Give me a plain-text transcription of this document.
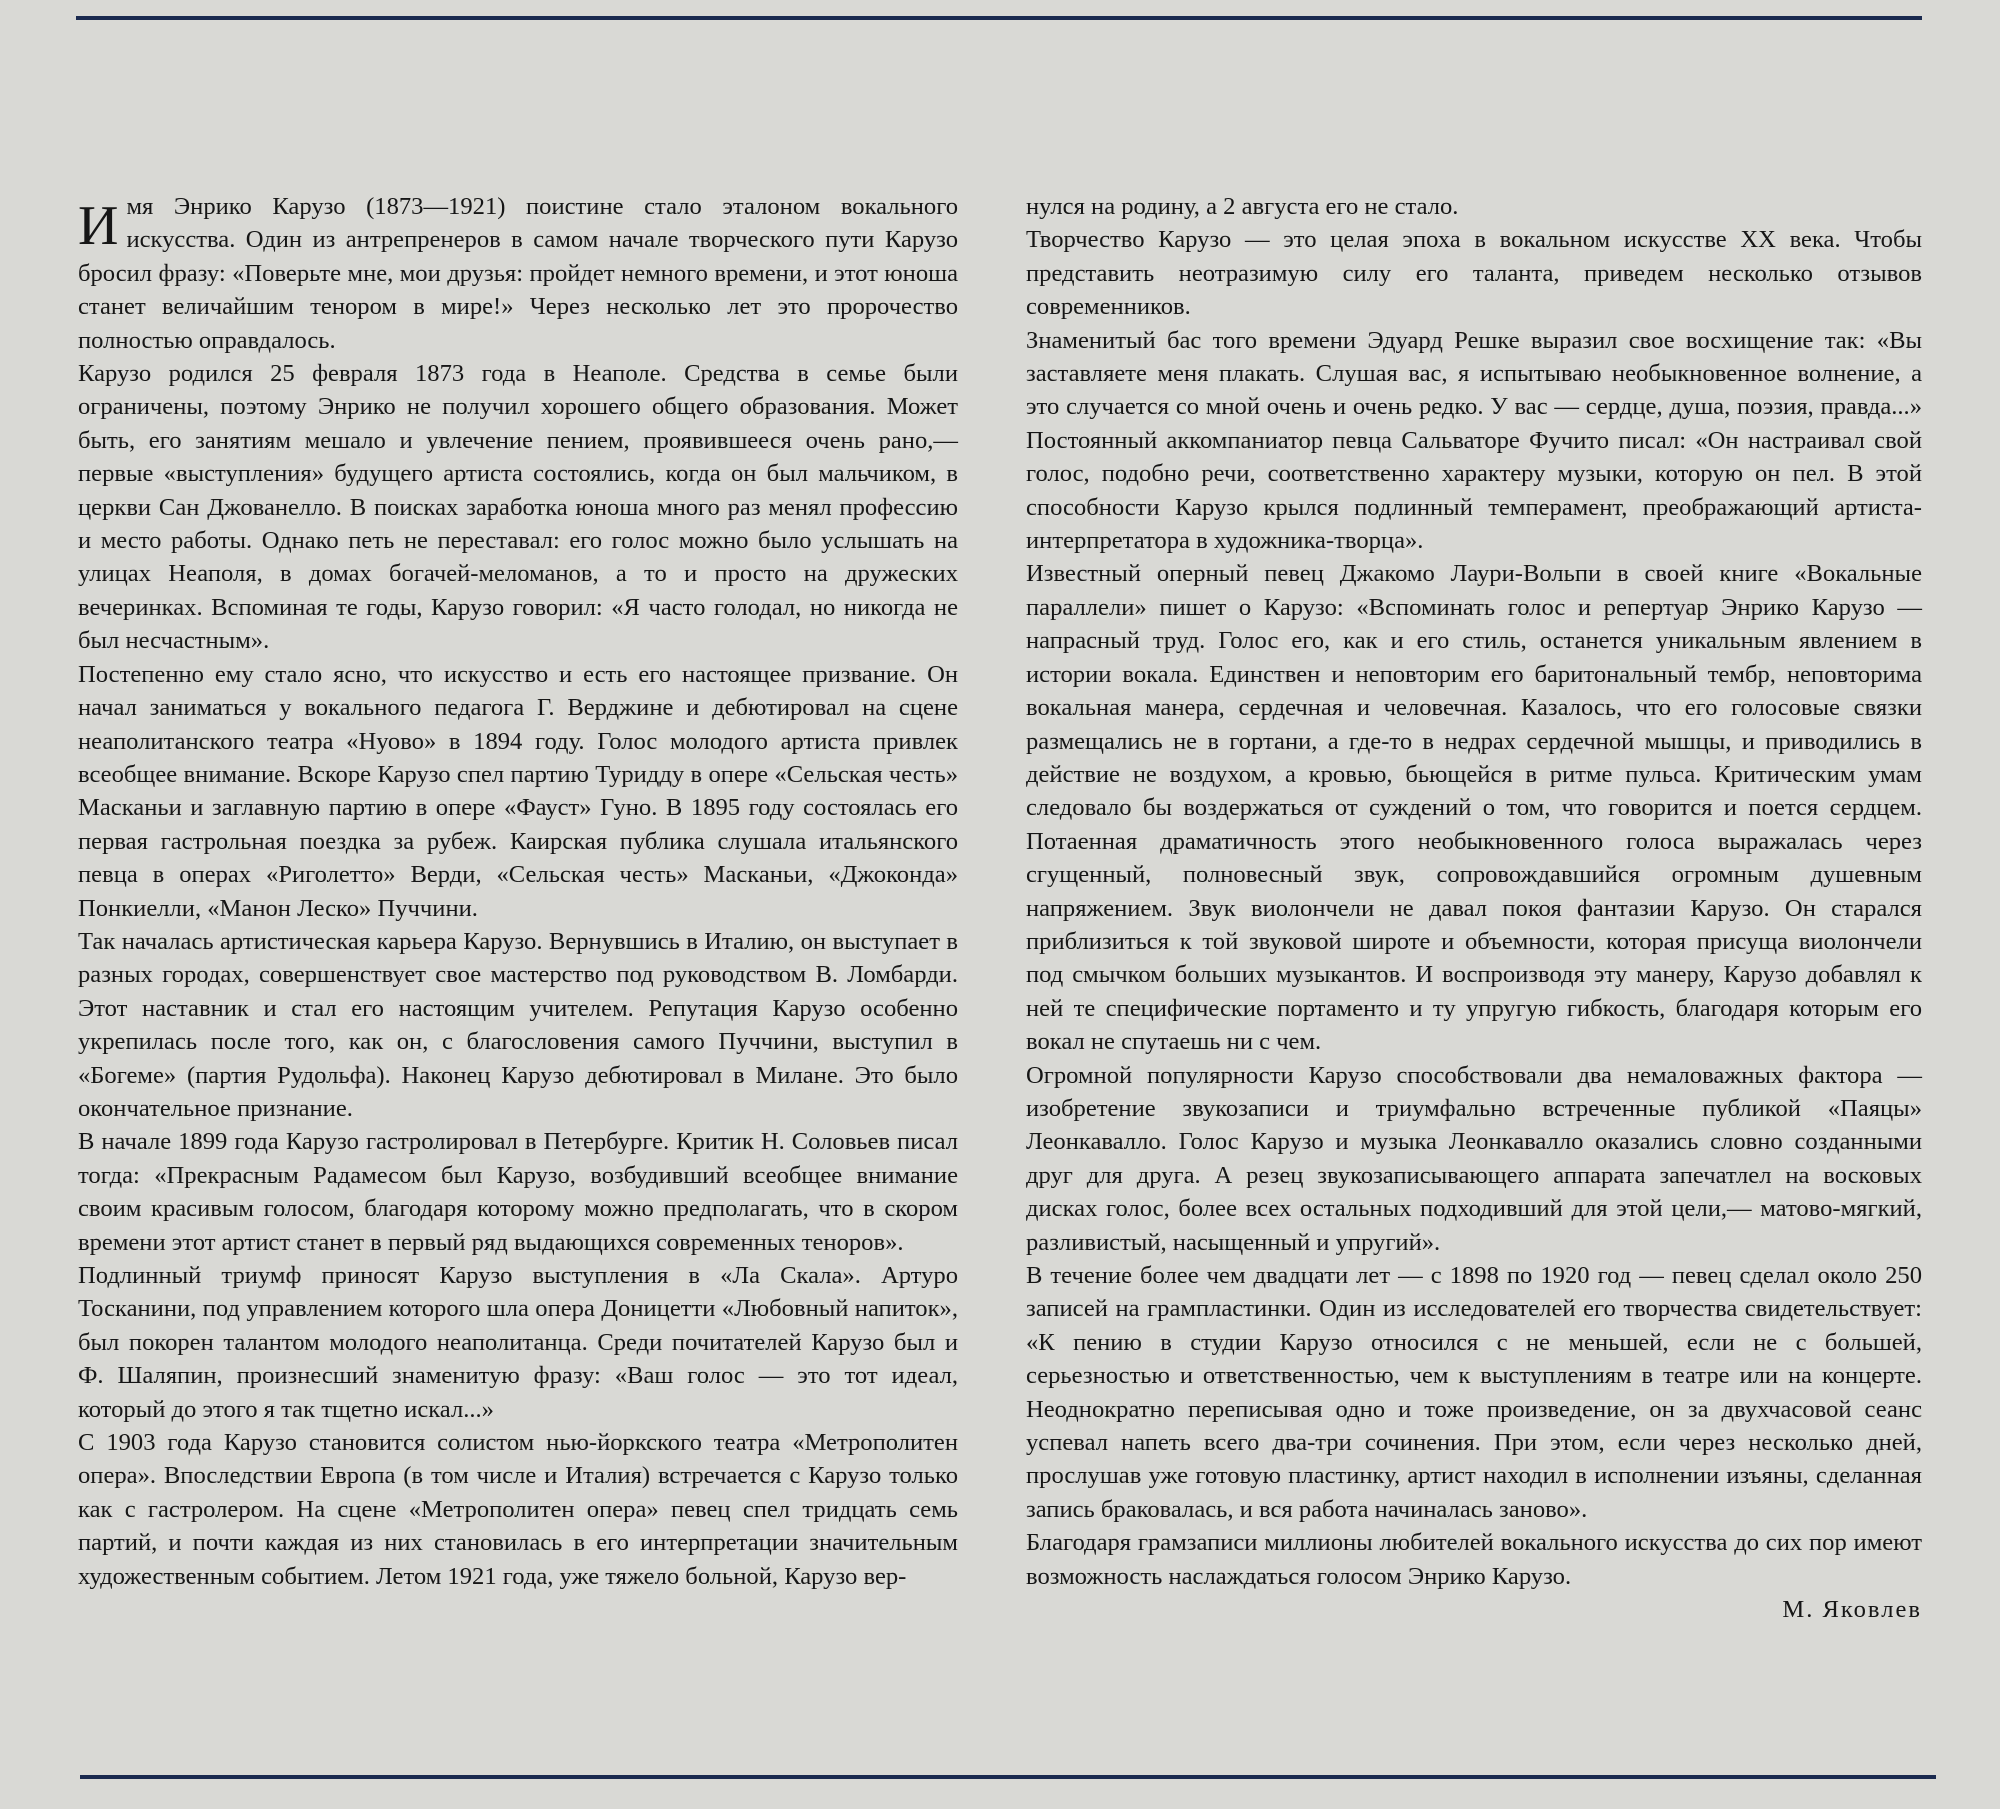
Имя Энрико Карузо (1873—1921) поистине стало эталоном вокального искусства. Один из антрепренеров в самом начале творческого пути Карузо бросил фразу: «Поверьте мне, мои друзья: пройдет немного времени, и этот юноша станет величайшим тенором в мире!» Через несколько лет это пророчество полностью оправдалось.

Карузо родился 25 февраля 1873 года в Неаполе. Средства в семье были ограничены, поэтому Энрико не получил хорошего общего образования. Может быть, его занятиям мешало и увлечение пением, проявившееся очень рано,— первые «выступления» будущего артиста состоялись, когда он был мальчиком, в церкви Сан Джованелло. В поисках заработка юноша много раз менял профессию и место работы. Однако петь не переставал: его голос можно было услышать на улицах Неаполя, в домах богачей-меломанов, а то и просто на дружеских вечеринках. Вспоминая те годы, Карузо говорил: «Я часто голодал, но никогда не был несчастным».

Постепенно ему стало ясно, что искусство и есть его настоящее призвание. Он начал заниматься у вокального педагога Г. Верджине и дебютировал на сцене неаполитанского театра «Нуово» в 1894 году. Голос молодого артиста привлек всеобщее внимание. Вскоре Карузо спел партию Туридду в опере «Сельская честь» Масканьи и заглавную партию в опере «Фауст» Гуно. В 1895 году состоялась его первая гастрольная поездка за рубеж. Каирская публика слушала итальянского певца в операх «Риголетто» Верди, «Сельская честь» Масканьи, «Джоконда» Понкиелли, «Манон Леско» Пуччини.

Так началась артистическая карьера Карузо. Вернувшись в Италию, он выступает в разных городах, совершенствует свое мастерство под руководством В. Ломбарди. Этот наставник и стал его настоящим учителем. Репутация Карузо особенно укрепилась после того, как он, с благословения самого Пуччини, выступил в «Богеме» (партия Рудольфа). Наконец Карузо дебютировал в Милане. Это было окончательное признание.

В начале 1899 года Карузо гастролировал в Петербурге. Критик Н. Соловьев писал тогда: «Прекрасным Радамесом был Карузо, возбудивший всеобщее внимание своим красивым голосом, благодаря которому можно предполагать, что в скором времени этот артист станет в первый ряд выдающихся современных теноров».

Подлинный триумф приносят Карузо выступления в «Ла Скала». Артуро Тосканини, под управлением которого шла опера Доницетти «Любовный напиток», был покорен талантом молодого неаполитанца. Среди почитателей Карузо был и Ф. Шаляпин, произнесший знаменитую фразу: «Ваш голос — это тот идеал, который до этого я так тщетно искал...»

С 1903 года Карузо становится солистом нью-йоркского театра «Метрополитен опера». Впоследствии Европа (в том числе и Италия) встречается с Карузо только как с гастролером. На сцене «Метрополитен опера» певец спел тридцать семь партий, и почти каждая из них становилась в его интерпретации значительным художественным событием. Летом 1921 года, уже тяжело больной, Карузо вер-

нулся на родину, а 2 августа его не стало.

Творчество Карузо — это целая эпоха в вокальном искусстве XX века. Чтобы представить неотразимую силу его таланта, приведем несколько отзывов современников.

Знаменитый бас того времени Эдуард Решке выразил свое восхищение так: «Вы заставляете меня плакать. Слушая вас, я испытываю необыкновенное волнение, а это случается со мной очень и очень редко. У вас — сердце, душа, поэзия, правда...» Постоянный аккомпаниатор певца Сальваторе Фучито писал: «Он настраивал свой голос, подобно речи, соответственно характеру музыки, которую он пел. В этой способности Карузо крылся подлинный темперамент, преображающий артиста-интерпретатора в художника-творца».

Известный оперный певец Джакомо Лаури-Вольпи в своей книге «Вокальные параллели» пишет о Карузо: «Вспоминать голос и репертуар Энрико Карузо — напрасный труд. Голос его, как и его стиль, останется уникальным явлением в истории вокала. Единствен и неповторим его баритональный тембр, неповторима вокальная манера, сердечная и человечная. Казалось, что его голосовые связки размещались не в гортани, а где-то в недрах сердечной мышцы, и приводились в действие не воздухом, а кровью, бьющейся в ритме пульса. Критическим умам следовало бы воздержаться от суждений о том, что говорится и поется сердцем. Потаенная драматичность этого необыкновенного голоса выражалась через сгущенный, полновесный звук, сопровождавшийся огромным душевным напряжением. Звук виолончели не давал покоя фантазии Карузо. Он старался приблизиться к той звуковой широте и объемности, которая присуща виолончели под смычком больших музыкантов. И воспроизводя эту манеру, Карузо добавлял к ней те специфические портаменто и ту упругую гибкость, благодаря которым его вокал не спутаешь ни с чем.

Огромной популярности Карузо способствовали два немаловажных фактора — изобретение звукозаписи и триумфально встреченные публикой «Паяцы» Леонкавалло. Голос Карузо и музыка Леонкавалло оказались словно созданными друг для друга. А резец звукозаписывающего аппарата запечатлел на восковых дисках голос, более всех остальных подходивший для этой цели,— матово-мягкий, разливистый, насыщенный и упругий».

В течение более чем двадцати лет — с 1898 по 1920 год — певец сделал около 250 записей на грампластинки. Один из исследователей его творчества свидетельствует: «К пению в студии Карузо относился с не меньшей, если не с большей, серьезностью и ответственностью, чем к выступлениям в театре или на концерте. Неоднократно переписывая одно и тоже произведение, он за двухчасовой сеанс успевал напеть всего два-три сочинения. При этом, если через несколько дней, прослушав уже готовую пластинку, артист находил в исполнении изъяны, сделанная запись браковалась, и вся работа начиналась заново».

Благодаря грамзаписи миллионы любителей вокального искусства до сих пор имеют возможность наслаждаться голосом Энрико Карузо.

М. Яковлев
